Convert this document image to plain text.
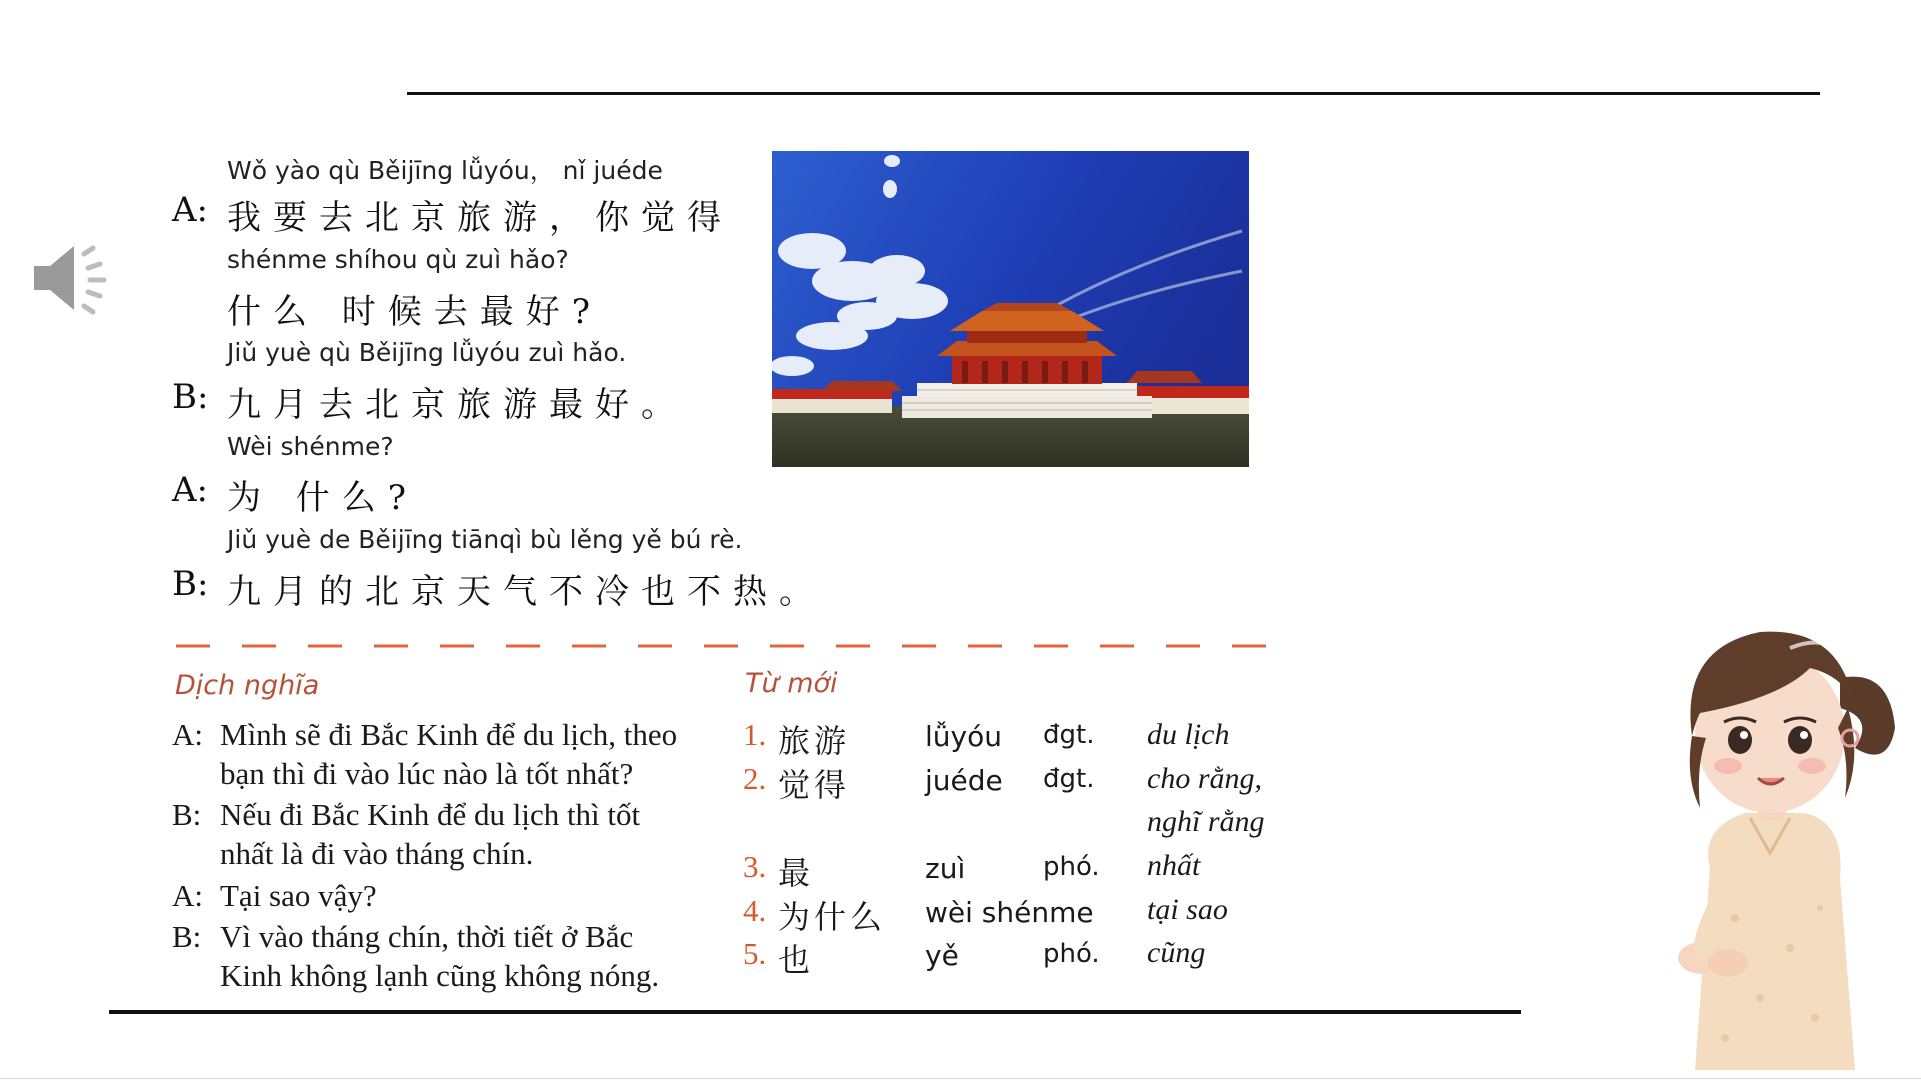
Wǒ yào qù Běijīng lǚyóu， nǐ juéde
A: 我要去北京旅游，你觉得
shénme shíhou qù zuì hǎo?
什么 时候去最好?
Jiǔ yuè qù Běijīng lǚyóu zuì hǎo.
B: 九月去北京旅游最好。
Wèi shénme?
A: 为 什么?
Jiǔ yuè de Běijīng tiānqì bù lěng yě bú rè.
B: 九月的北京天气不冷也不热。
Dịch nghĩa
A: Mình sẽ đi Bắc Kinh để du lịch, theo
bạn thì đi vào lúc nào là tốt nhất?
B: Nếu đi Bắc Kinh để du lịch thì tốt
nhất là đi vào tháng chín.
A: Tại sao vậy?
B: Vì vào tháng chín, thời tiết ở Bắc
Kinh không lạnh cũng không nóng.
Từ mới
1. 旅游	lǚyóu đgt. du lịch
2. 觉得	juéde đgt. cho rằng,
nghĩ rằng
3. 最	zuì	phó. nhất
4. 为什么 wèi shénme tại sao
5. 也	yě	phó. cũng
